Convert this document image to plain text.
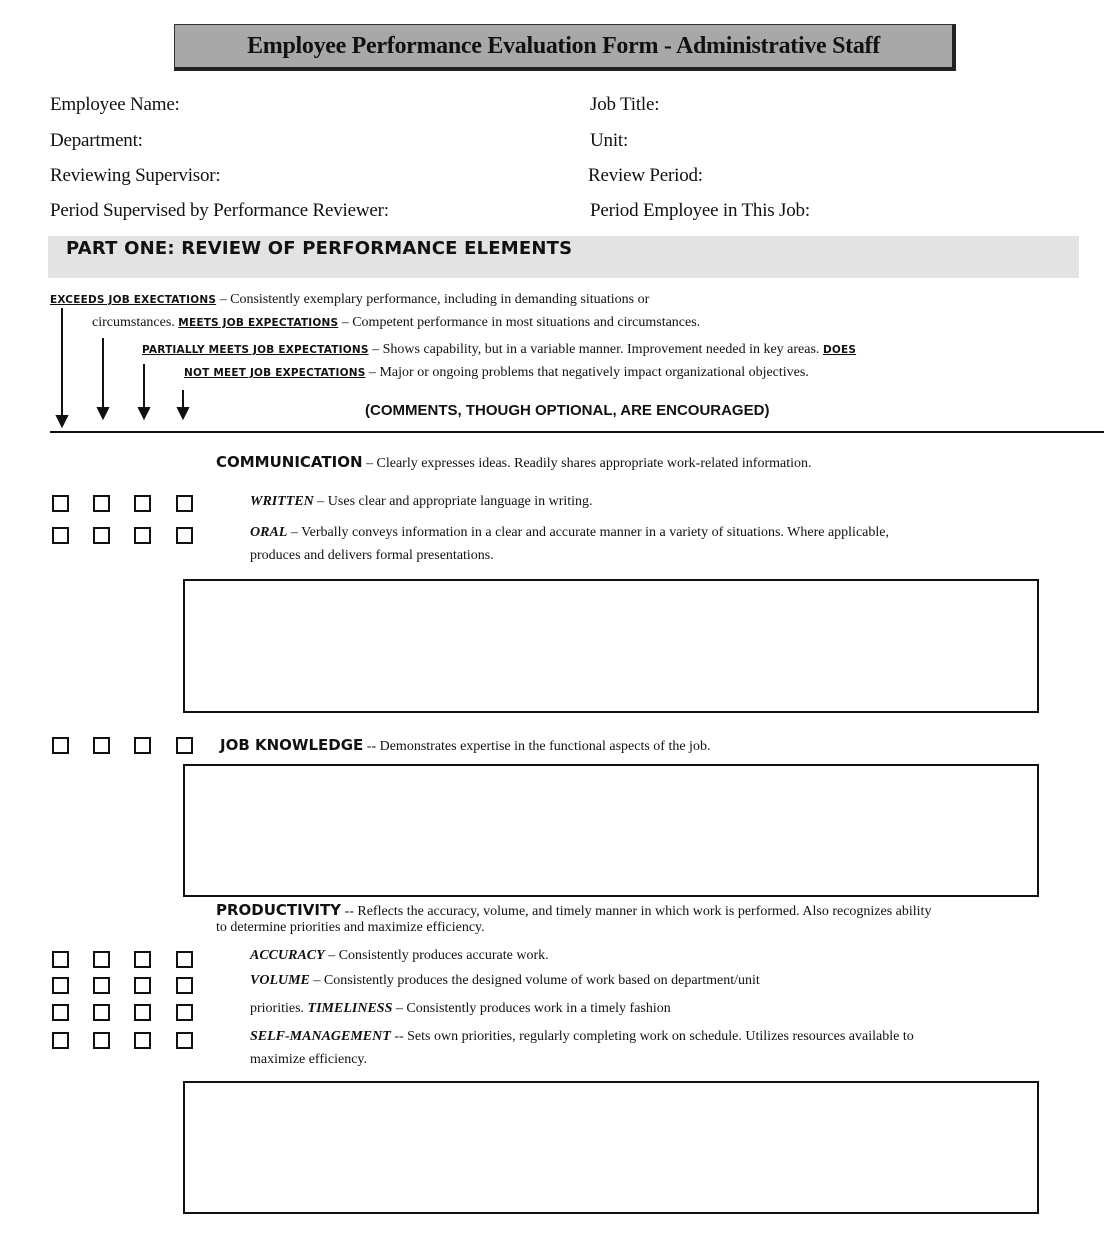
Employee Performance Evaluation Form - Administrative Staff
Employee Name:	Job Title:
Department:	Unit:
Reviewing Supervisor:	Review Period:
Period Supervised by Performance Reviewer:	Period Employee in This Job:
PART ONE: REVIEW OF PERFORMANCE ELEMENTS
EXCEEDS JOB EXECTATIONS – Consistently exemplary performance, including in demanding situations or
circumstances. MEETS JOB EXPECTATIONS – Competent performance in most situations and circumstances.
PARTIALLY MEETS JOB EXPECTATIONS – Shows capability, but in a variable manner. Improvement needed in key areas. DOES
NOT MEET JOB EXPECTATIONS – Major or ongoing problems that negatively impact organizational objectives.
(COMMENTS, THOUGH OPTIONAL, ARE ENCOURAGED)
COMMUNICATION – Clearly expresses ideas. Readily shares appropriate work-related information.
WRITTEN – Uses clear and appropriate language in writing.
ORAL – Verbally conveys information in a clear and accurate manner in a variety of situations. Where applicable,
produces and delivers formal presentations.
JOB KNOWLEDGE -- Demonstrates expertise in the functional aspects of the job.
PRODUCTIVITY -- Reflects the accuracy, volume, and timely manner in which work is performed. Also recognizes ability
to determine priorities and maximize efficiency.
ACCURACY – Consistently produces accurate work.
VOLUME – Consistently produces the designed volume of work based on department/unit
priorities. TIMELINESS – Consistently produces work in a timely fashion
SELF-MANAGEMENT -- Sets own priorities, regularly completing work on schedule. Utilizes resources available to
maximize efficiency.
